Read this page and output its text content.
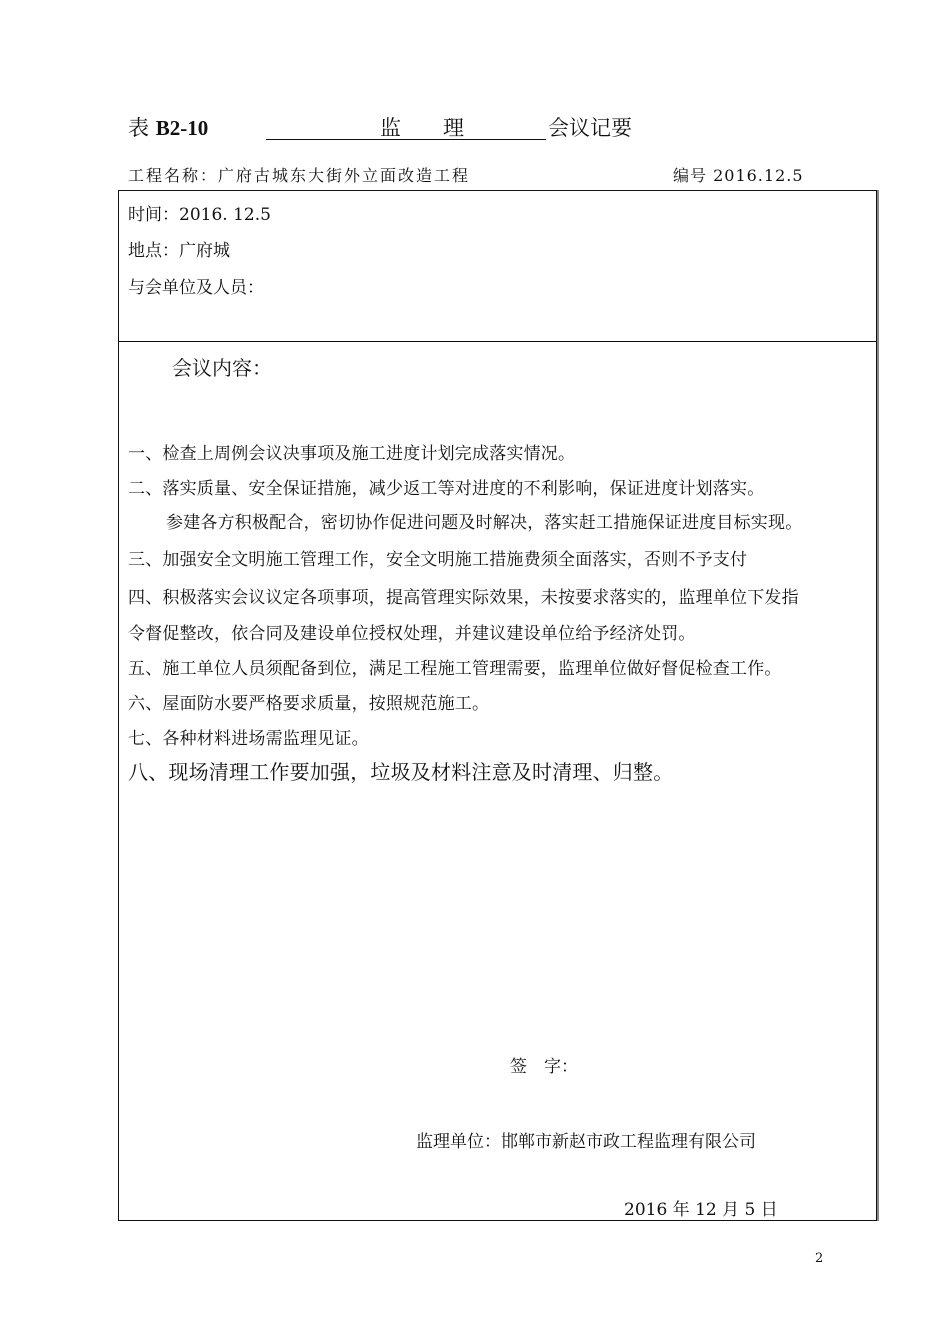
表 B2-10	监　　理	会议记要
工程名称：广府古城东大街外立面改造工程	编号 2016.12.5
时间：2016. 12.5
地点：广府城
与会单位及人员：
会议内容：
一、检查上周例会议决事项及施工进度计划完成落实情况。
二、落实质量、安全保证措施，减少返工等对进度的不利影响，保证进度计划落实。
参建各方积极配合，密切协作促进问题及时解决，落实赶工措施保证进度目标实现。
三、加强安全文明施工管理工作，安全文明施工措施费须全面落实，否则不予支付
四、积极落实会议议定各项事项，提高管理实际效果，未按要求落实的，监理单位下发指
令督促整改，依合同及建设单位授权处理，并建议建设单位给予经济处罚。
五、施工单位人员须配备到位，满足工程施工管理需要，监理单位做好督促检查工作。
六、屋面防水要严格要求质量，按照规范施工。
七、各种材料进场需监理见证。
八、现场清理工作要加强，垃圾及材料注意及时清理、归整。
签　字：
监理单位：邯郸市新赵市政工程监理有限公司
2016 年 12 月 5 日
2
